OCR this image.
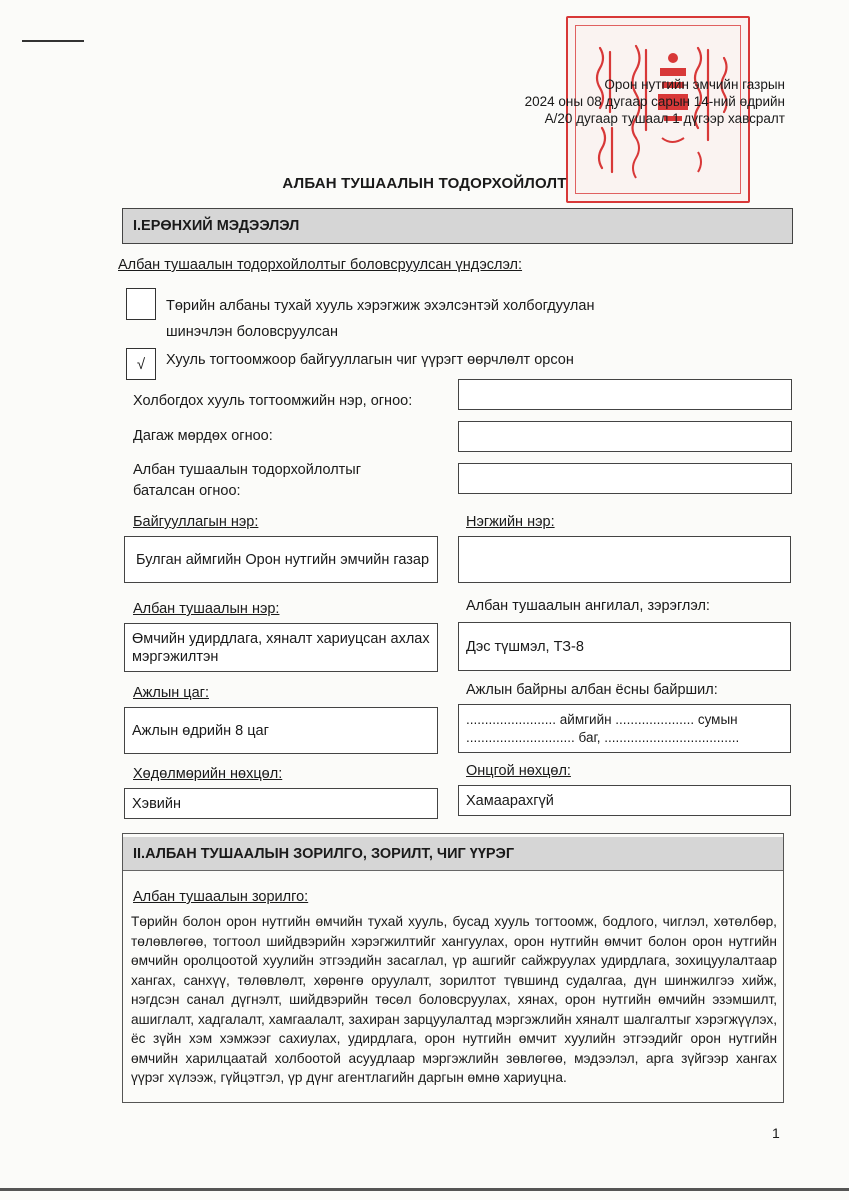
Орон нутгийн эмчийн газрын
2024 оны 08 дугаар сарын 14-ний өдрийн
А/20 дугаар тушаал 1 дүгээр хавсралт
АЛБАН ТУШААЛЫН ТОДОРХОЙЛОЛТ
I.ЕРӨНХИЙ МЭДЭЭЛЭЛ
Албан тушаалын тодорхойлолтыг боловсруулсан үндэслэл:
Төрийн албаны тухай хууль хэрэгжиж эхэлсэнтэй холбогдуулан
шинэчлэн боловсруулсан
√ Хууль тогтоомжоор байгууллагын чиг үүрэгт өөрчлөлт орсон
Холбогдох хууль тогтоомжийн нэр, огноо:
Дагаж мөрдөх огноо:
Албан тушаалын тодорхойлолтыг
баталсан огноо:
Байгууллагын нэр:
Булган аймгийн Орон нутгийн эмчийн газар
Нэгжийн нэр:
Албан тушаалын нэр:
Өмчийн удирдлага, хяналт хариуцсан ахлах мэргэжилтэн
Албан тушаалын ангилал, зэрэглэл:
Дэс түшмэл, ТЗ-8
Ажлын цаг:
Ажлын өдрийн 8 цаг
Ажлын байрны албан ёсны байршил:
........................ аймгийн ..................... сумын
............................. баг, ....................................
Хөдөлмөрийн нөхцөл:
Хэвийн
Онцгой нөхцөл:
Хамаарахгүй
II.АЛБАН ТУШААЛЫН ЗОРИЛГО, ЗОРИЛТ, ЧИГ ҮҮРЭГ
Албан тушаалын зорилго:
Төрийн болон орон нутгийн өмчийн тухай хууль, бусад хууль тогтоомж, бодлого, чиглэл, хөтөлбөр, төлөвлөгөө, тогтоол шийдвэрийн хэрэгжилтийг хангуулах, орон нутгийн өмчит болон орон нутгийн өмчийн оролцоотой хуулийн этгээдийн засаглал, үр ашгийг сайжруулах удирдлага, зохицуулалтаар хангах, санхүү, төлөвлөлт, хөрөнгө оруулалт, зорилтот түвшинд судалгаа, дүн шинжилгээ хийж, нэгдсэн санал дүгнэлт, шийдвэрийн төсөл боловсруулах, хянах, орон нутгийн өмчийн эзэмшилт, ашиглалт, хадгалалт, хамгаалалт, захиран зарцуулалтад мэргэжлийн хяналт шалгалтыг хэрэгжүүлэх, ёс зүйн хэм хэмжээг сахиулах, удирдлага, орон нутгийн өмчит хуулийн этгээдийг орон нутгийн өмчийн харилцаатай холбоотой асуудлаар мэргэжлийн зөвлөгөө, мэдээлэл, арга зүйгээр хангах үүрэг хүлээж, гүйцэтгэл, үр дүнг агентлагийн даргын өмнө хариуцна.
1
